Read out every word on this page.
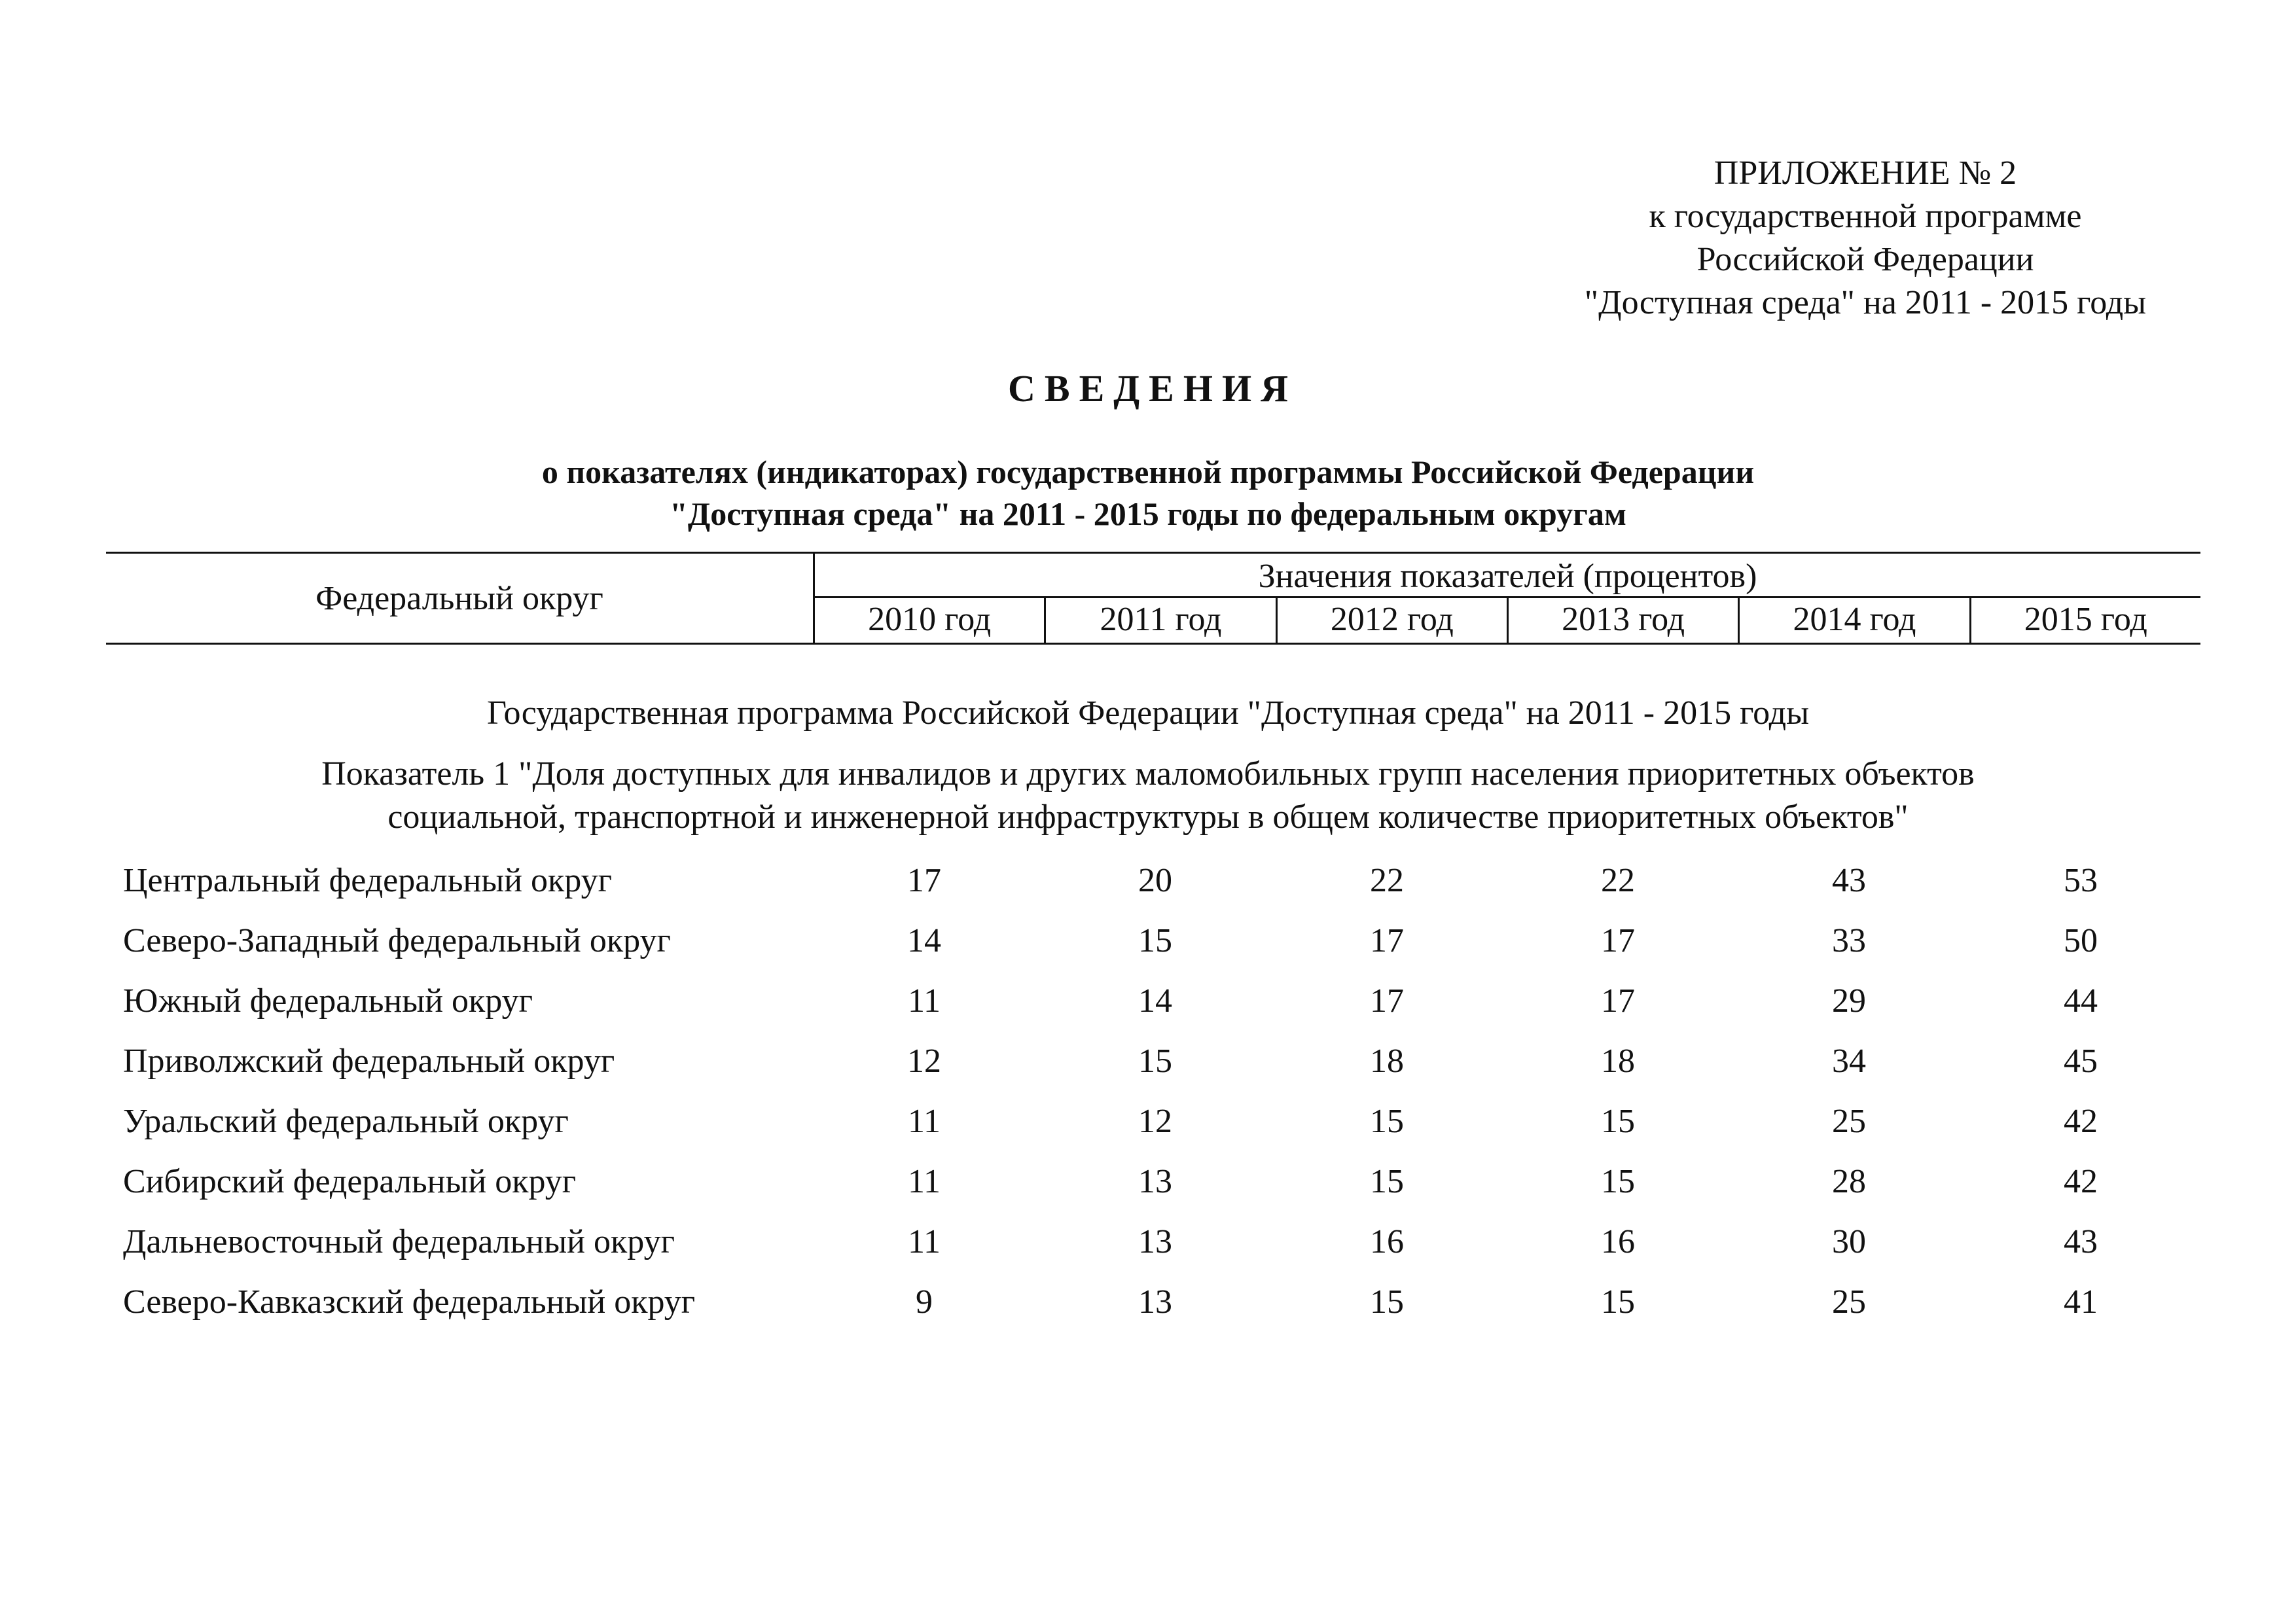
ПРИЛОЖЕНИЕ № 2
к государственной программе
Российской Федерации
"Доступная среда" на 2011 - 2015 годы
СВЕДЕНИЯ
о показателях (индикаторах) государственной программы Российской Федерации
"Доступная среда" на 2011 - 2015 годы по федеральным округам
Федеральный округ
Значения показателей (процентов)
2010 год	2011 год	2012 год	2013 год	2014 год	2015 год
Государственная программа Российской Федерации "Доступная среда" на 2011 - 2015 годы
Показатель 1 "Доля доступных для инвалидов и других маломобильных групп населения приоритетных объектов
социальной, транспортной и инженерной инфраструктуры в общем количестве приоритетных объектов"
Центральный федеральный округ	17	20	22	22	43	53
Северо-Западный федеральный округ	14	15	17	17	33	50
Южный федеральный округ	11	14	17	17	29	44
Приволжский федеральный округ	12	15	18	18	34	45
Уральский федеральный округ	11	12	15	15	25	42
Сибирский федеральный округ	11	13	15	15	28	42
Дальневосточный федеральный округ	11	13	16	16	30	43
Северо-Кавказский федеральный округ	9	13	15	15	25	41
